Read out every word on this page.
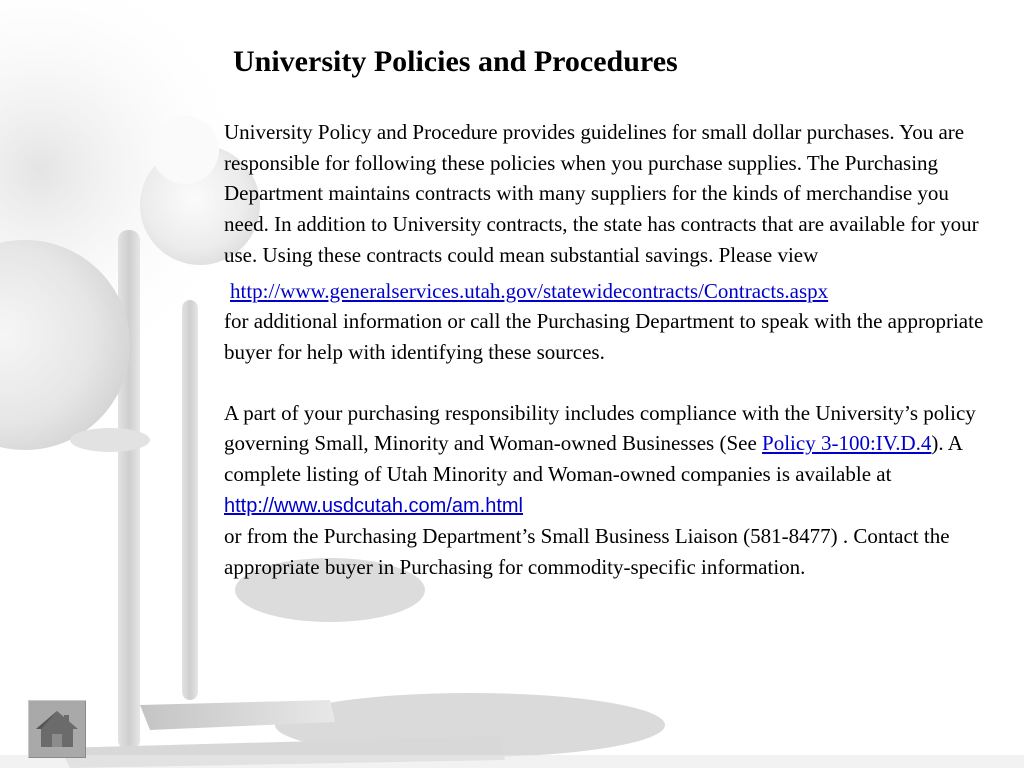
University Policies and Procedures
University Policy and Procedure provides guidelines for small dollar purchases. You are responsible for following these policies when you purchase supplies. The Purchasing Department maintains contracts with many suppliers for the kinds of merchandise you need. In addition to University contracts, the state has contracts that are available for your use. Using these contracts could mean substantial savings. Please view
http://www.generalservices.utah.gov/statewidecontracts/Contracts.aspx
for additional information or call the Purchasing Department to speak with the appropriate buyer for help with identifying these sources.
A part of your purchasing responsibility includes compliance with the University’s policy governing Small, Minority and Woman-owned Businesses (See Policy 3-100:IV.D.4). A complete listing of Utah Minority and Woman-owned companies is available at
http://www.usdcutah.com/am.html
or from the Purchasing Department’s Small Business Liaison (581-8477) . Contact the appropriate buyer in Purchasing for commodity-specific information.
